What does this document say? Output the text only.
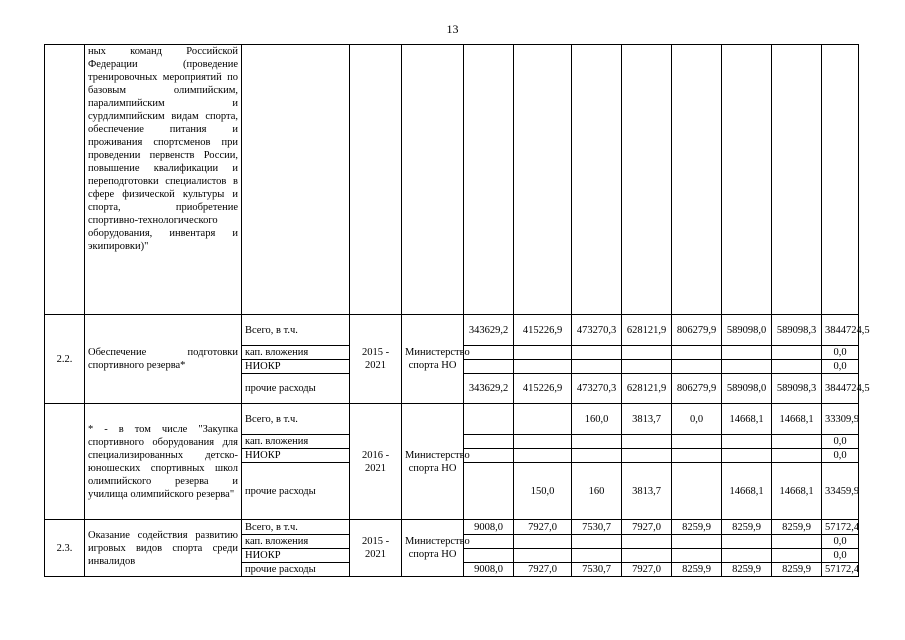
13
	ных команд Российской Федерации (проведение тренировочных мероприятий по базовым олимпийским, паралимпийским и сурдлимпийским видам спорта, обеспечение питания и проживания спортсменов при проведении первенств России, повышение квалификации и переподготовки специалистов в сфере физической культуры и спорта, приобретение спортивно-технологического оборудования, инвентаря и экипировки)"											
2.2.	Обеспечение подготовки спортивного резерва*	Всего, в т.ч.	2015 - 2021	Министерство спорта НО	343629,2	415226,9	473270,3	628121,9	806279,9	589098,0	589098,3	3844724,5
		кап. вложения										0,0
		НИОКР										0,0
		прочие расходы			343629,2	415226,9	473270,3	628121,9	806279,9	589098,0	589098,3	3844724,5
	* - в том числе "Закупка спортивного оборудования для специализированных детско-юношеских спортивных школ олимпийского резерва и училища олимпийского резерва"	Всего, в т.ч.	2016 - 2021	Министерство спорта НО			160,0	3813,7	0,0	14668,1	14668,1	33309,9
		кап. вложения										0,0
		НИОКР										0,0
		прочие расходы				150,0	160	3813,7		14668,1	14668,1	33459,9
2.3.	Оказание содействия развитию игровых видов спорта среди инвалидов	Всего, в т.ч.	2015 - 2021	Министерство спорта НО	9008,0	7927,0	7530,7	7927,0	8259,9	8259,9	8259,9	57172,4
		кап. вложения										0,0
		НИОКР										0,0
		прочие расходы			9008,0	7927,0	7530,7	7927,0	8259,9	8259,9	8259,9	57172,4
